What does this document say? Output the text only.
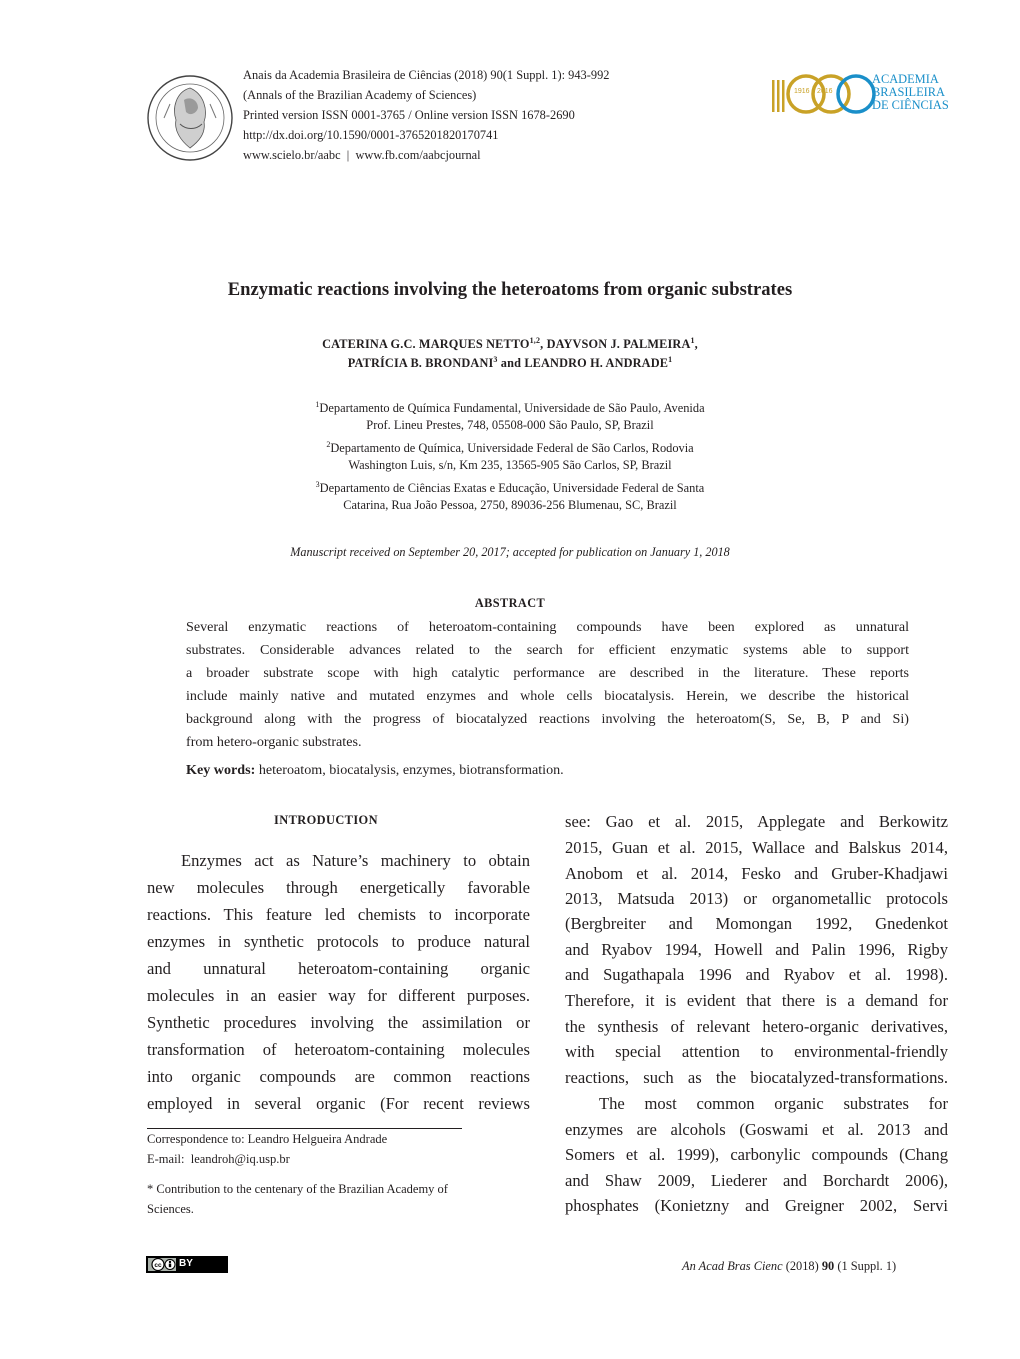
Anais da Academia Brasileira de Ciências (2018) 90(1 Suppl. 1): 943-992
(Annals of the Brazilian Academy of Sciences)
Printed version ISSN 0001-3765 / Online version ISSN 1678-2690
http://dx.doi.org/10.1590/0001-3765201820170741
www.scielo.br/aabc  |  www.fb.com/aabcjournal
1916 2016
ACADEMIA
BRASILEIRA
DE CIÊNCIAS
Enzymatic reactions involving the heteroatoms from organic substrates
CATERINA G.C. MARQUES NETTO$^{1,2}$, DAYVSON J. PALMEIRA$^1$,
PATRÍCIA B. BRONDANI$^3$ and LEANDRO H. ANDRADE$^1$
$^1$Departamento de Química Fundamental, Universidade de São Paulo, Avenida
Prof. Lineu Prestes, 748, 05508-000 São Paulo, SP, Brazil
$^2$Departamento de Química, Universidade Federal de São Carlos, Rodovia
Washington Luis, s/n, Km 235, 13565-905 São Carlos, SP, Brazil
$^3$Departamento de Ciências Exatas e Educação, Universidade Federal de Santa
Catarina, Rua João Pessoa, 2750, 89036-256 Blumenau, SC, Brazil
Manuscript received on September 20, 2017; accepted for publication on January 1, 2018
ABSTRACT
Several enzymatic reactions of heteroatom-containing compounds have been explored as unnatural
substrates. Considerable advances related to the search for efficient enzymatic systems able to support
a broader substrate scope with high catalytic performance are described in the literature. These reports
include mainly native and mutated enzymes and whole cells biocatalysis. Herein, we describe the historical
background along with the progress of biocatalyzed reactions involving the heteroatom(S, Se, B, P and Si)
from hetero-organic substrates.
Key words: heteroatom, biocatalysis, enzymes, biotransformation.
INTRODUCTION
Enzymes act as Nature’s machinery to obtain
new molecules through energetically favorable
reactions. This feature led chemists to incorporate
enzymes in synthetic protocols to produce natural
and unnatural heteroatom-containing organic
molecules in an easier way for different purposes.
Synthetic procedures involving the assimilation or
transformation of heteroatom-containing molecules
into organic compounds are common reactions
employed in several organic (For recent reviews
Correspondence to: Leandro Helgueira Andrade
E-mail:  leandroh@iq.usp.br
* Contribution to the centenary of the Brazilian Academy of
Sciences.
see: Gao et al. 2015, Applegate and Berkowitz
2015, Guan et al. 2015, Wallace and Balskus 2014,
Anobom et al. 2014, Fesko and Gruber-Khadjawi
2013, Matsuda 2013) or organometallic protocols
(Bergbreiter and Momongan 1992, Gnedenkot
and Ryabov 1994, Howell and Palin 1996, Rigby
and Sugathapala 1996 and Ryabov et al. 1998).
Therefore, it is evident that there is a demand for
the synthesis of relevant hetero-organic derivatives,
with special attention to environmental-friendly
reactions, such as the biocatalyzed-transformations.
The most common organic substrates for
enzymes are alcohols (Goswami et al. 2013 and
Somers et al. 1999), carbonylic compounds (Chang
and Shaw 2009, Liederer and Borchardt 2006),
phosphates (Konietzny and Greigner 2002, Servi
cc BY	An Acad Bras Cienc (2018) 90 (1 Suppl. 1)
